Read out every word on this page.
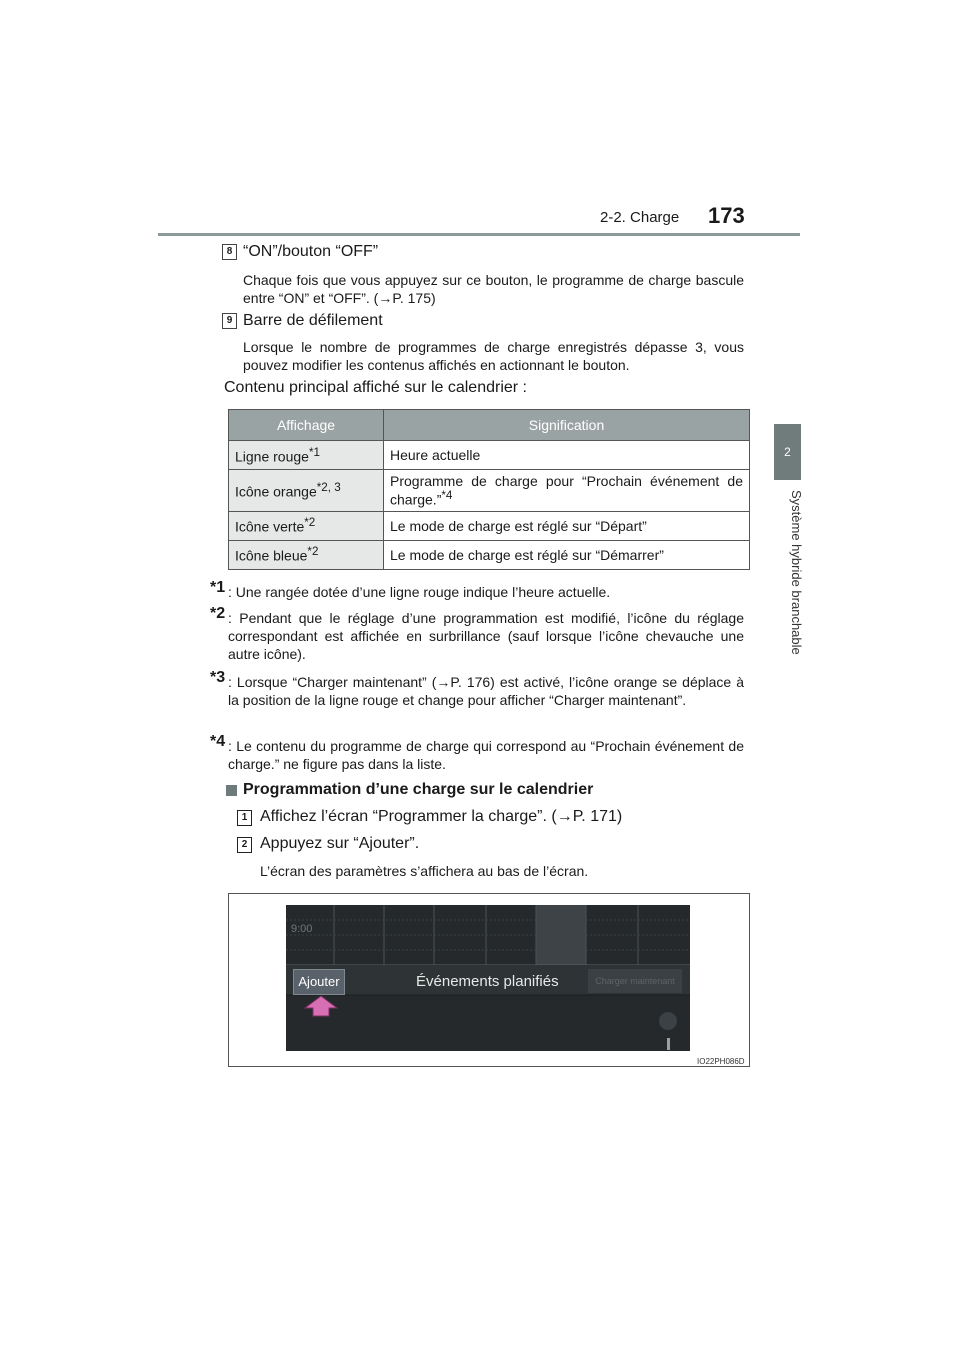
2-2. Charge 173
2
Système hybride branchable
8 “ON”/bouton “OFF”
Chaque fois que vous appuyez sur ce bouton, le programme de charge bascule entre “ON” et “OFF”. (→P. 175)
9 Barre de défilement
Lorsque le nombre de programmes de charge enregistrés dépasse 3, vous pouvez modifier les contenus affichés en actionnant le bouton.
Contenu principal affiché sur le calendrier :
Affichage	Signification
Ligne rouge$^{*1}$	Heure actuelle
Icône orange$^{*2, 3}$	Programme de charge pour “Prochain événement de charge.”$^{*4}$
Icône verte$^{*2}$	Le mode de charge est réglé sur “Départ”
Icône bleue$^{*2}$	Le mode de charge est réglé sur “Démarrer”
*1 : Une rangée dotée d’une ligne rouge indique l’heure actuelle.
*2 : Pendant que le réglage d’une programmation est modifié, l’icône du réglage correspondant est affichée en surbrillance (sauf lorsque l’icône chevauche une autre icône).
*3 : Lorsque “Charger maintenant” (→P. 176) est activé, l’icône orange se déplace à la position de la ligne rouge et change pour afficher “Charger maintenant”.
*4 : Le contenu du programme de charge qui correspond au “Prochain événement de charge.” ne figure pas dans la liste.
Programmation d’une charge sur le calendrier
1 Affichez l’écran “Programmer la charge”. (→P. 171)
2 Appuyez sur “Ajouter”.
L’écran des paramètres s’affichera au bas de l’écran.
9:00
Ajouter	Événements planifiés	Charger maintenant
IO22PH086D
